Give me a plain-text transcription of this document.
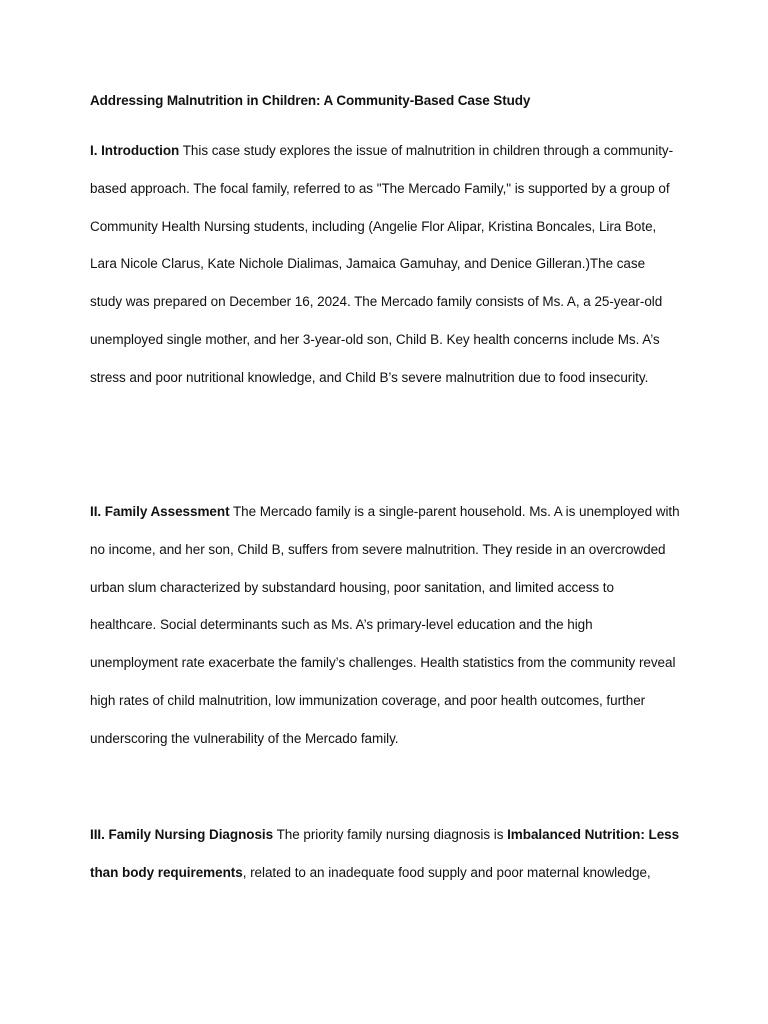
Addressing Malnutrition in Children: A Community-Based Case Study
I. Introduction This case study explores the issue of malnutrition in children through a community-based approach. The focal family, referred to as "The Mercado Family," is supported by a group of Community Health Nursing students, including (Angelie Flor Alipar, Kristina Boncales, Lira Bote, Lara Nicole Clarus, Kate Nichole Dialimas, Jamaica Gamuhay, and Denice Gilleran.)The case study was prepared on December 16, 2024. The Mercado family consists of Ms. A, a 25-year-old unemployed single mother, and her 3-year-old son, Child B. Key health concerns include Ms. A’s stress and poor nutritional knowledge, and Child B’s severe malnutrition due to food insecurity.
II. Family Assessment The Mercado family is a single-parent household. Ms. A is unemployed with no income, and her son, Child B, suffers from severe malnutrition. They reside in an overcrowded urban slum characterized by substandard housing, poor sanitation, and limited access to healthcare. Social determinants such as Ms. A’s primary-level education and the high unemployment rate exacerbate the family’s challenges. Health statistics from the community reveal high rates of child malnutrition, low immunization coverage, and poor health outcomes, further underscoring the vulnerability of the Mercado family.
III. Family Nursing Diagnosis The priority family nursing diagnosis is Imbalanced Nutrition: Less than body requirements, related to an inadequate food supply and poor maternal knowledge,
